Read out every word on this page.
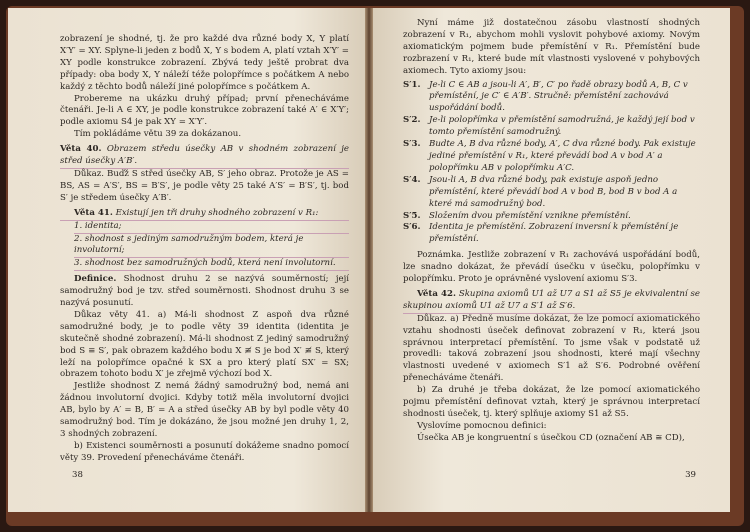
zobrazení je shodné, tj. že pro každé dva různé body X, Y platí X′Y′ = XY. Splyne-li jeden z bodů X, Y s bodem A, platí vztah X′Y′ = XY podle konstrukce zobrazení. Zbývá tedy ještě probrat dva případy: oba body X, Y náleží téže polopřímce s počátkem A nebo každý z těchto bodů náleží jiné polopřímce s počátkem A.

Probereme na ukázku druhý případ; první přenecháváme čtenáři. Je-li A ∈ XY, je podle konstrukce zobrazení také A′ ∈ X′Y′; podle axiomu S4 je pak XY = X′Y′.

Tím pokládáme větu 39 za dokázanou.

Věta 40. Obrazem středu úsečky AB v shodném zobrazení je střed úsečky A′B′.

Důkaz. Buďž S střed úsečky AB, S′ jeho obraz. Protože je AS = BS, AS = A′S′, BS = B′S′, je podle věty 25 také A′S′ = B′S′, tj. bod S′ je středem úsečky A′B′.

Věta 41. Existují jen tři druhy shodného zobrazení v R₁:

1. identita;
2. shodnost s jediným samodružným bodem, která je involutorní;
3. shodnost bez samodružných bodů, která není involutorní.

Definice. Shodnost druhu 2 se nazývá souměrností; její samodružný bod je tzv. střed souměrnosti. Shodnost druhu 3 se nazývá posunutí.

Důkaz věty 41. a) Má-li shodnost Z aspoň dva různé samodružné body, je to podle věty 39 identita (identita je skutečně shodné zobrazení). Má-li shodnost Z jediný samodružný bod S ≡ S′, pak obrazem každého bodu X ≢ S je bod X′ ≢ S, který leží na polopřímce opačné k SX a pro který platí SX′ = SX; obrazem tohoto bodu X′ je zřejmě výchozí bod X.

Jestliže shodnost Z nemá žádný samodružný bod, nemá ani žádnou involutorní dvojici. Kdyby totiž měla involutorní dvojici AB, bylo by A′ = B, B′ = A a střed úsečky AB by byl podle věty 40 samodružný bod. Tím je dokázáno, že jsou možné jen druhy 1, 2, 3 shodných zobrazení.

b) Existenci souměrnosti a posunutí dokážeme snadno pomocí věty 39. Provedení přenecháváme čtenáři.

38

Nyní máme již dostatečnou zásobu vlastností shodných zobrazení v R₁, abychom mohli vyslovit pohybové axiomy. Novým axiomatickým pojmem bude přemístění v R₁. Přemístění bude rozbrazení v R₁, které bude mít vlastnosti vyslovené v pohybových axiomech. Tyto axiomy jsou:

S′1. Je-li C ∈ AB a jsou-li A′, B′, C′ po řadě obrazy bodů A, B, C v přemístění, je C′ ∈ A′B′. Stručně: přemístění zachovává uspořádání bodů.
S′2. Je-li polopřímka v přemístění samodružná, je každý její bod v tomto přemístění samodružný.
S′3. Budte A, B dva různé body, A′, C dva různé body. Pak existuje jediné přemístění v R₁, které převádí bod A v bod A′ a polopřímku AB v polopřímku A′C.
S′4. Jsou-li A, B dva různé body, pak existuje aspoň jedno přemístění, které převádí bod A v bod B, bod B v bod A a které má samodružný bod.
S′5. Složením dvou přemístění vznikne přemístění.
S′6. Identita je přemístění. Zobrazení inversní k přemístění je přemístění.

Poznámka. Jestliže zobrazení v R₁ zachovává uspořádání bodů, lze snadno dokázat, že převádí úsečku v úsečku, polopřímku v polopřímku. Proto je oprávněné vyslovení axiomu S′3.

Věta 42. Skupina axiomů U1 až U7 a S1 až S5 je ekvivalentní se skupinou axiomů U1 až U7 a S′1 až S′6.

Důkaz. a) Předně musíme dokázat, že lze pomocí axiomatického vztahu shodnosti úseček definovat zobrazení v R₁, která jsou správnou interpretací přemístění. To jsme však v podstatě už provedli: taková zobrazení jsou shodnosti, které mají všechny vlastnosti uvedené v axiomech S′1 až S′6. Podrobné ověření přenecháváme čtenáři.

b) Za druhé je třeba dokázat, že lze pomocí axiomatického pojmu přemístění definovat vztah, který je správnou interpretací shodnosti úseček, tj. který splňuje axiomy S1 až S5.

Vyslovíme pomocnou definici:

Úsečka AB je kongruentní s úsečkou CD (označení AB ≅ CD),

39
